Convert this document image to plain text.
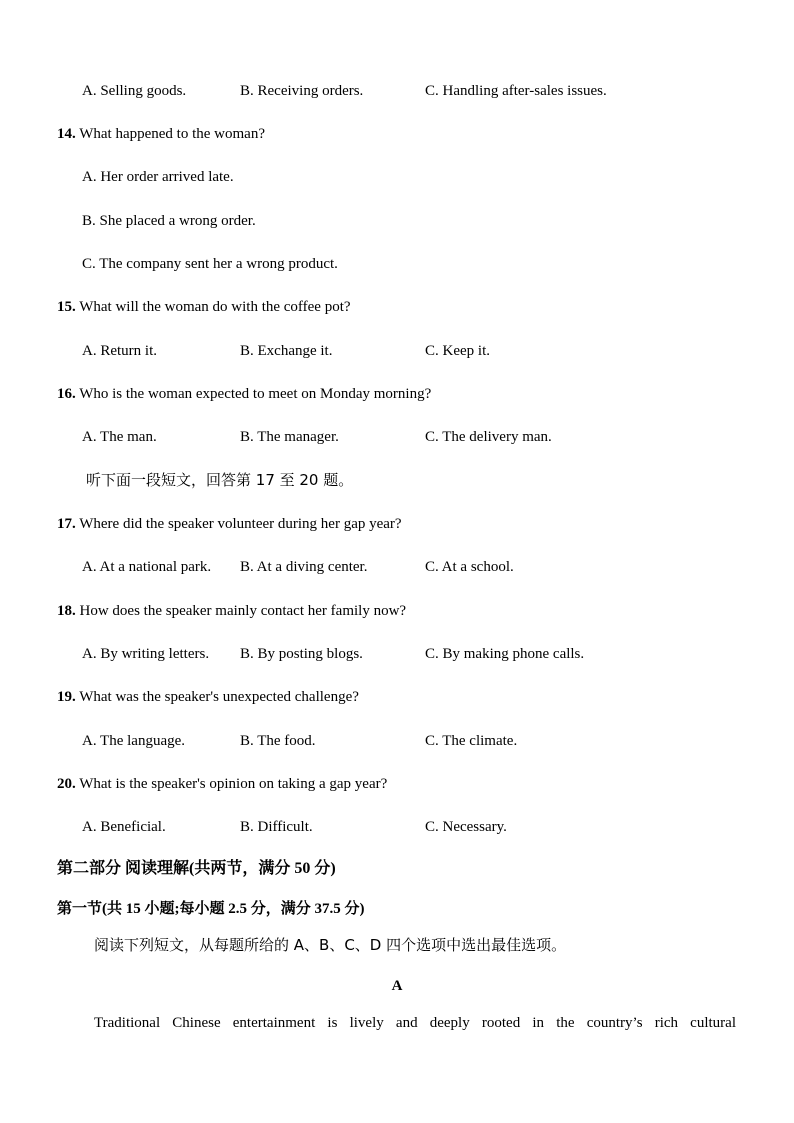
A. Selling goods.	B. Receiving orders.	C. Handling after-sales issues.
14. What happened to the woman?
A. Her order arrived late.
B. She placed a wrong order.
C. The company sent her a wrong product.
15. What will the woman do with the coffee pot?
A. Return it.	B. Exchange it.	C. Keep it.
16. Who is the woman expected to meet on Monday morning?
A. The man.	B. The manager.	C. The delivery man.
听下面一段短文，回答第 17 至 20 题。
17. Where did the speaker volunteer during her gap year?
A. At a national park. B. At a diving center.	C. At a school.
18. How does the speaker mainly contact her family now?
A. By writing letters. B. By posting blogs.	C. By making phone calls.
19. What was the speaker's unexpected challenge?
A. The language.	B. The food.	C. The climate.
20. What is the speaker's opinion on taking a gap year?
A. Beneficial.	B. Difficult.	C. Necessary.
第二部分 阅读理解(共两节，满分 50 分)
第一节(共 15 小题;每小题 2.5 分，满分 37.5 分)
阅读下列短文，从每题所给的 A、B、C、D 四个选项中选出最佳选项。
A
Traditional Chinese entertainment is lively and deeply rooted in the country’s rich cultural
